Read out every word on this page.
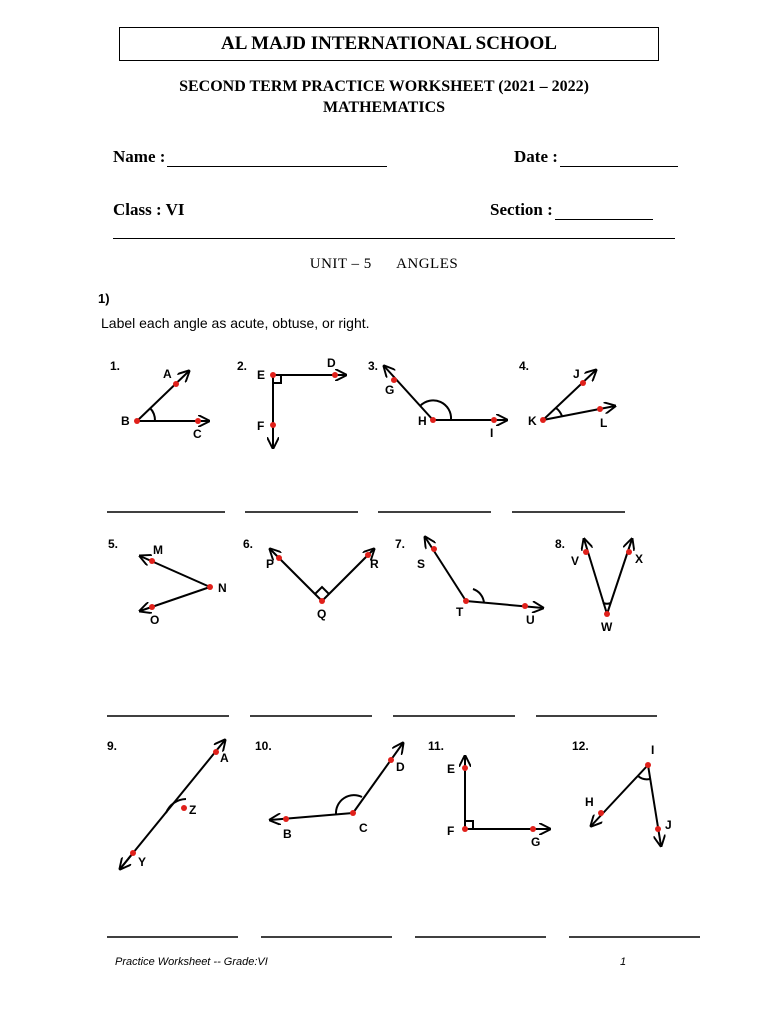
AL MAJD INTERNATIONAL SCHOOL
SECOND TERM PRACTICE WORKSHEET (2021 – 2022)
MATHEMATICS
Name :	Date :
Class : VI	Section :
UNIT – 5 ANGLES
1)
Label each angle as acute, obtuse, or right.
1.	2.	3.	4.
5.	6.	7.	8.
9.	10.	11.	12.
A
B
C
E
D
F
G
H
I
J
K	L
M
N
O
P
Q
R	S
T
U
V
W
X
A
Z
Y
D
B	C
E
F
G
I
H
J
Practice Worksheet -- Grade:VI	1
